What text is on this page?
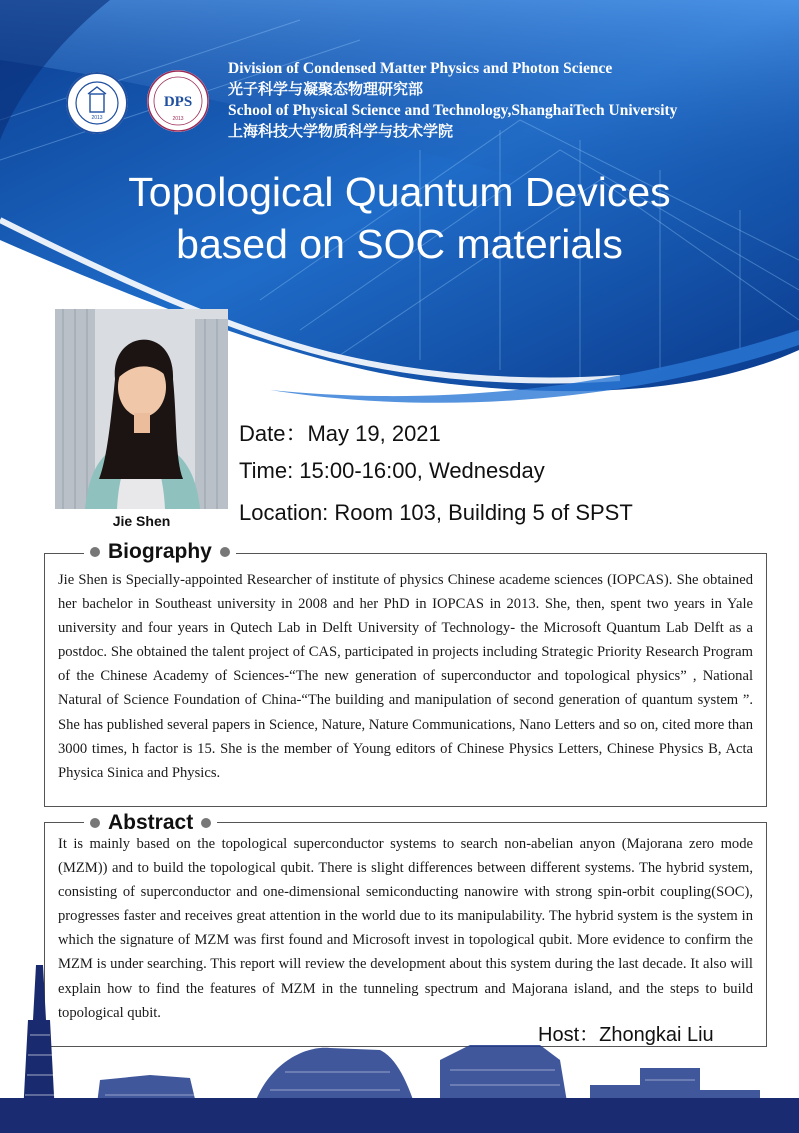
2013
DPS
2013
Division of Condensed Matter Physics and Photon Science
光子科学与凝聚态物理研究部
School of Physical Science and Technology,ShanghaiTech University
上海科技大学物质科学与技术学院
Topological Quantum Devices
based on SOC materials
Jie Shen
Date：May 19, 2021
Time: 15:00-16:00, Wednesday
Location: Room 103, Building 5 of SPST

Jie Shen is Specially-appointed Researcher of institute of physics Chinese academe sciences (IOPCAS). She obtained her bachelor in Southeast university in 2008 and her PhD in IOPCAS in 2013. She, then, spent two years in Yale university and four years in Qutech Lab in Delft University of Technology- the Microsoft Quantum Lab Delft as a postdoc. She obtained the talent project of CAS, participated in projects including Strategic Priority Research Program of the Chinese Academy of Sciences-“The new generation of superconductor and topological physics” , National Natural of Science Foundation of China-“The building and manipulation of second generation of quantum system ”. She has published several papers in Science, Nature, Nature Communications, Nano Letters and so on, cited more than 3000 times, h factor is 15. She is the member of Young editors of Chinese Physics Letters, Chinese Physics B, Acta Physica Sinica and Physics.

Biography

It is mainly based on the topological superconductor systems to search non-abelian anyon (Majorana zero mode (MZM)) and to build the topological qubit. There is slight differences between different systems. The hybrid system, consisting of superconductor and one-dimensional semiconducting nanowire with strong spin-orbit coupling(SOC), progresses faster and receives great attention in the world due to its manipulability. The hybrid system is the system in which the signature of MZM was first found and Microsoft invest in topological qubit. More evidence to confirm the MZM is under searching. This report will review the development about this system during the last decade. It also will explain how to find the features of MZM in the tunneling spectrum and Majorana island, and the steps to build topological qubit.

Abstract
Host：Zhongkai Liu
